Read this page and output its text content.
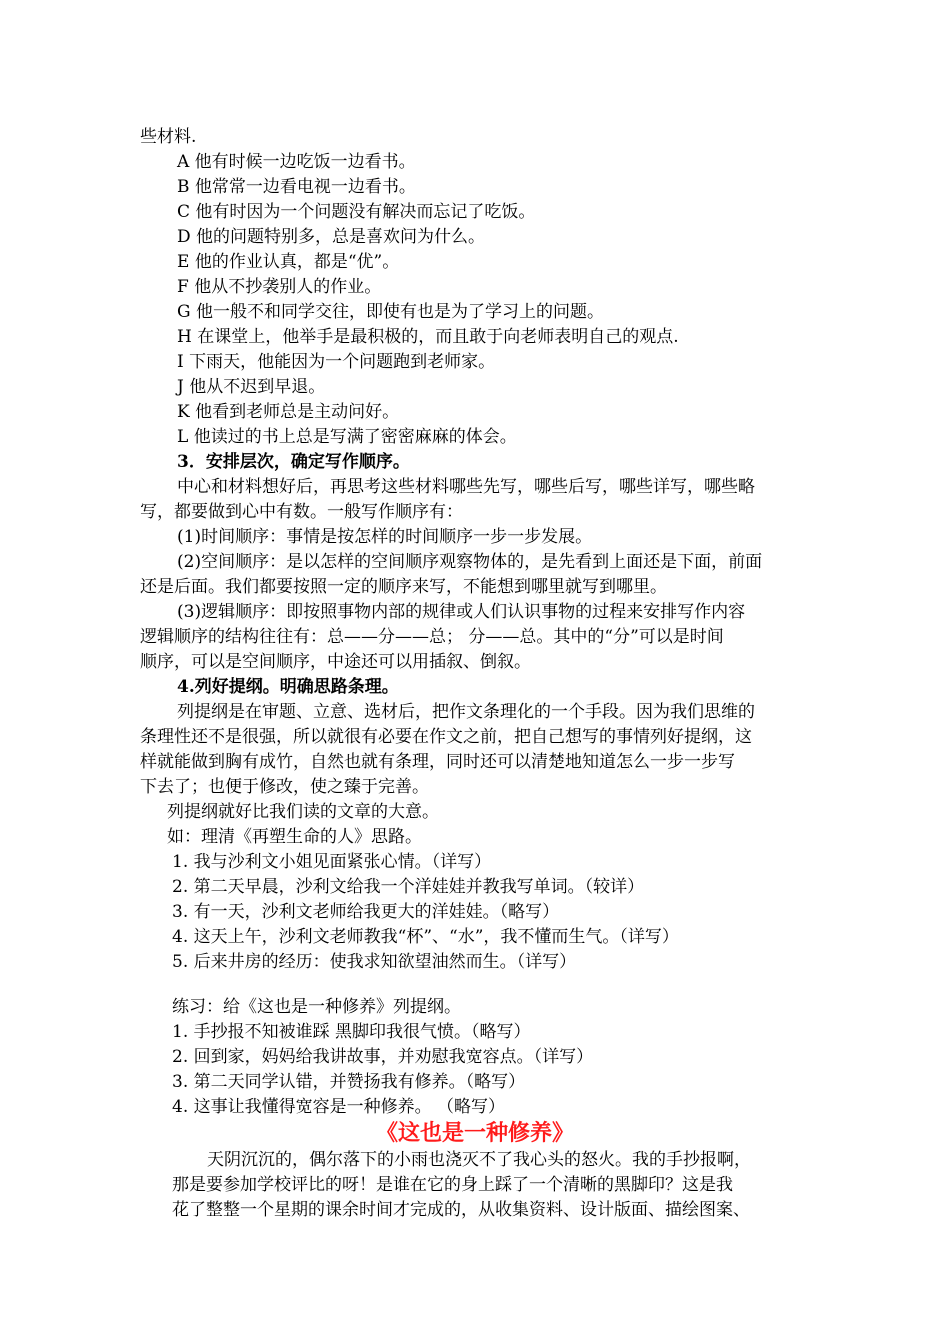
些材料.
A 他有时候一边吃饭一边看书。
B 他常常一边看电视一边看书。
C 他有时因为一个问题没有解决而忘记了吃饭。
D 他的问题特别多，总是喜欢问为什么。
E 他的作业认真，都是“优”。
F 他从不抄袭别人的作业。
G 他一般不和同学交往，即使有也是为了学习上的问题。
H 在课堂上，他举手是最积极的，而且敢于向老师表明自己的观点.
I 下雨天，他能因为一个问题跑到老师家。
J 他从不迟到早退。
K 他看到老师总是主动问好。
L 他读过的书上总是写满了密密麻麻的体会。
3．安排层次，确定写作顺序。
中心和材料想好后，再思考这些材料哪些先写，哪些后写，哪些详写，哪些略
写，都要做到心中有数。一般写作顺序有：
(1)时间顺序：事情是按怎样的时间顺序一步一步发展。
(2)空间顺序：是以怎样的空间顺序观察物体的，是先看到上面还是下面，前面
还是后面。我们都要按照一定的顺序来写，不能想到哪里就写到哪里。
(3)逻辑顺序：即按照事物内部的规律或人们认识事物的过程来安排写作内容
逻辑顺序的结构往往有：总——分——总； 分——总。其中的“分”可以是时间
顺序，可以是空间顺序，中途还可以用插叙、倒叙。
4.列好提纲。明确思路条理。
列提纲是在审题、立意、选材后，把作文条理化的一个手段。因为我们思维的
条理性还不是很强，所以就很有必要在作文之前，把自己想写的事情列好提纲，这
样就能做到胸有成竹，自然也就有条理，同时还可以清楚地知道怎么一步一步写
下去了；也便于修改，使之臻于完善。
列提纲就好比我们读的文章的大意。
如：理清《再塑生命的人》思路。
1. 我与沙利文小姐见面紧张心情。（详写）
2. 第二天早晨，沙利文给我一个洋娃娃并教我写单词。（较详）
3. 有一天，沙利文老师给我更大的洋娃娃。（略写）
4. 这天上午，沙利文老师教我“杯”、“水”，我不懂而生气。（详写）
5. 后来井房的经历：使我求知欲望油然而生。（详写）
练习：给《这也是一种修养》列提纲。
1. 手抄报不知被谁踩 黑脚印我很气愤。（略写）
2. 回到家，妈妈给我讲故事，并劝慰我宽容点。（详写）
3. 第二天同学认错，并赞扬我有修养。（略写）
4. 这事让我懂得宽容是一种修养。 （略写）
《这也是一种修养》
天阴沉沉的，偶尔落下的小雨也浇灭不了我心头的怒火。我的手抄报啊，
那是要参加学校评比的呀！是谁在它的身上踩了一个清晰的黑脚印？这是我
花了整整一个星期的课余时间才完成的，从收集资料、设计版面、描绘图案、
